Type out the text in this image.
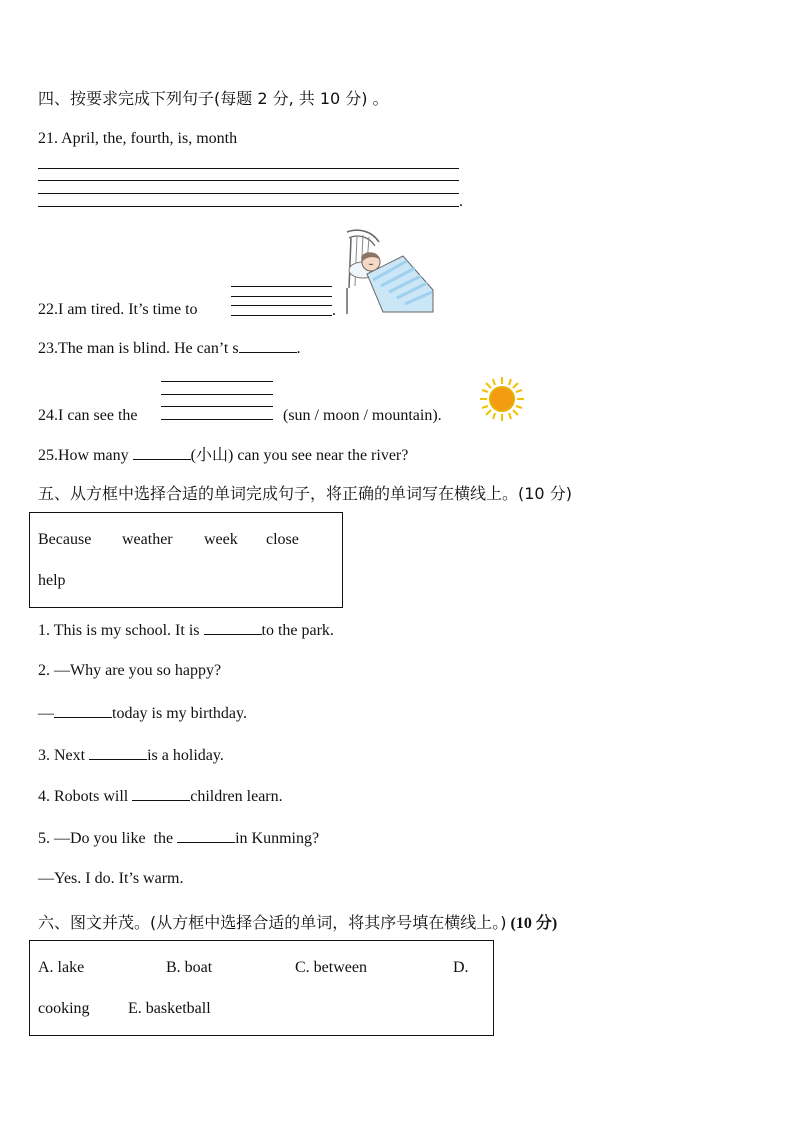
四、按要求完成下列句子(每题 2 分, 共 10 分) 。
21. April, the, fourth, is, month
.
22.I am tired. It’s time to	.
23.The man is blind. He can’t s	.
24.I can see the	(sun / moon / mountain).
25.How many	(小山) can you see near the river?
五、从方框中选择合适的单词完成句子，将正确的单词写在横线上。(10 分)
Because weather week close
help
1. This is my school. It is	to the park.
2. —Why are you so happy?
—	today is my birthday.
3. Next	is a holiday.
4. Robots will	children learn.
5. —Do you like  the	in Kunming?
—Yes. I do. It’s warm.
六、图文并茂。(从方框中选择合适的单词，将其序号填在横线上。) (10 分)
A. lake	B. boat	C. between	D.
cooking E. basketball
